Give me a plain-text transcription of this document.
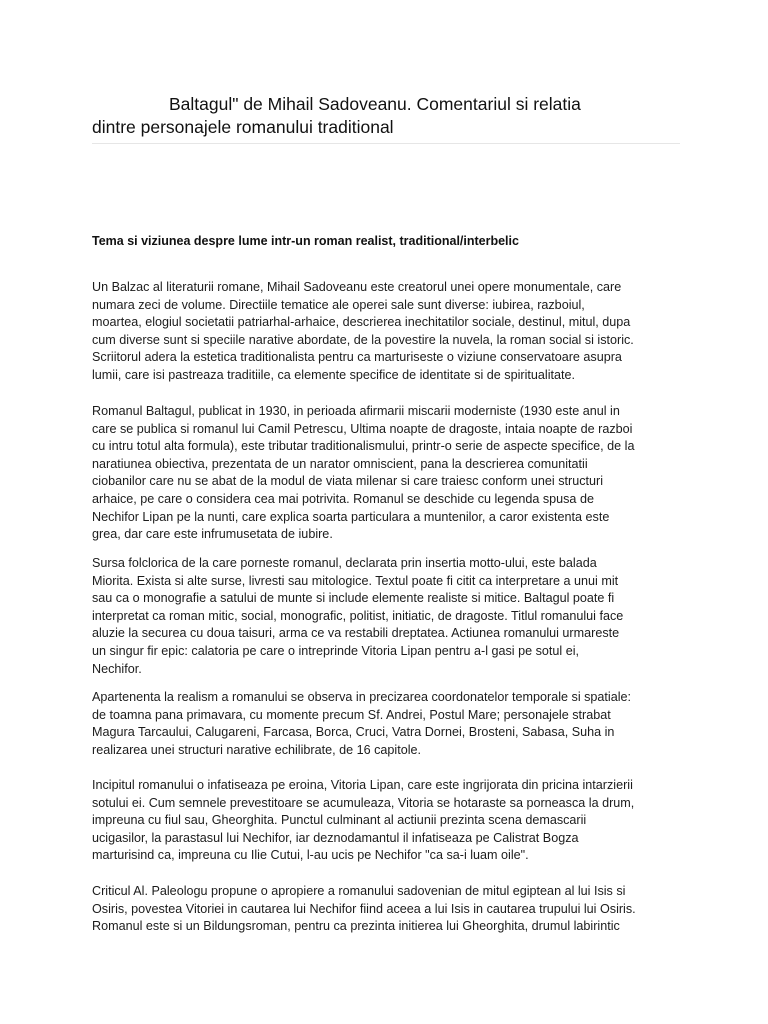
Baltagul" de Mihail Sadoveanu. Comentariul si relatia
dintre personajele romanului traditional
Tema si viziunea despre lume intr-un roman realist, traditional/interbelic

Un Balzac al literaturii romane, Mihail Sadoveanu este creatorul unei opere monumentale, care
numara zeci de volume. Directiile tematice ale operei sale sunt diverse: iubirea, razboiul,
moartea, elogiul societatii patriarhal-arhaice, descrierea inechitatilor sociale, destinul, mitul, dupa
cum diverse sunt si speciile narative abordate, de la povestire la nuvela, la roman social si istoric.
Scriitorul adera la estetica traditionalista pentru ca marturiseste o viziune conservatoare asupra
lumii, care isi pastreaza traditiile, ca elemente specifice de identitate si de spiritualitate.

Romanul Baltagul, publicat in 1930, in perioada afirmarii miscarii moderniste (1930 este anul in
care se publica si romanul lui Camil Petrescu, Ultima noapte de dragoste, intaia noapte de razboi
cu intru totul alta formula), este tributar traditionalismului, printr-o serie de aspecte specifice, de la
naratiunea obiectiva, prezentata de un narator omniscient, pana la descrierea comunitatii
ciobanilor care nu se abat de la modul de viata milenar si care traiesc conform unei structuri
arhaice, pe care o considera cea mai potrivita. Romanul se deschide cu legenda spusa de
Nechifor Lipan pe la nunti, care explica soarta particulara a muntenilor, a caror existenta este
grea, dar care este infrumusetata de iubire.

Sursa folclorica de la care porneste romanul, declarata prin insertia motto-ului, este balada
Miorita. Exista si alte surse, livresti sau mitologice. Textul poate fi citit ca interpretare a unui mit
sau ca o monografie a satului de munte si include elemente realiste si mitice. Baltagul poate fi
interpretat ca roman mitic, social, monografic, politist, initiatic, de dragoste. Titlul romanului face
aluzie la securea cu doua taisuri, arma ce va restabili dreptatea. Actiunea romanului urmareste
un singur fir epic: calatoria pe care o intreprinde Vitoria Lipan pentru a-l gasi pe sotul ei,
Nechifor.

Apartenenta la realism a romanului se observa in precizarea coordonatelor temporale si spatiale:
de toamna pana primavara, cu momente precum Sf. Andrei, Postul Mare; personajele strabat
Magura Tarcaului, Calugareni, Farcasa, Borca, Cruci, Vatra Dornei, Brosteni, Sabasa, Suha in
realizarea unei structuri narative echilibrate, de 16 capitole.

Incipitul romanului o infatiseaza pe eroina, Vitoria Lipan, care este ingrijorata din pricina intarzierii
sotului ei. Cum semnele prevestitoare se acumuleaza, Vitoria se hotaraste sa porneasca la drum,
impreuna cu fiul sau, Gheorghita. Punctul culminant al actiunii prezinta scena demascarii
ucigasilor, la parastasul lui Nechifor, iar deznodamantul il infatiseaza pe Calistrat Bogza
marturisind ca, impreuna cu Ilie Cutui, l-au ucis pe Nechifor "ca sa-i luam oile".

Criticul Al. Paleologu propune o apropiere a romanului sadovenian de mitul egiptean al lui Isis si
Osiris, povestea Vitoriei in cautarea lui Nechifor fiind aceea a lui Isis in cautarea trupului lui Osiris.
Romanul este si un Bildungsroman, pentru ca prezinta initierea lui Gheorghita, drumul labirintic
